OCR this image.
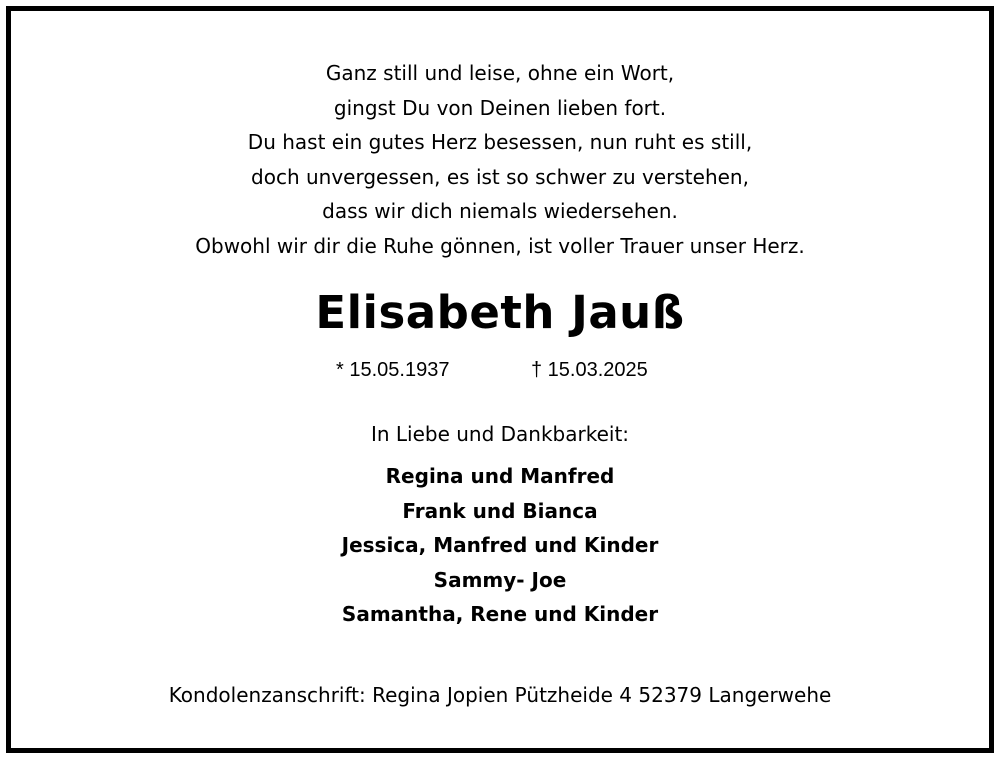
Ganz still und leise, ohne ein Wort,
gingst Du von Deinen lieben fort.
Du hast ein gutes Herz besessen, nun ruht es still,
doch unvergessen, es ist so schwer zu verstehen,
dass wir dich niemals wiedersehen.
Obwohl wir dir die Ruhe gönnen, ist voller Trauer unser Herz.
Elisabeth Jauß
* 15.05.1937	† 15.03.2025
In Liebe und Dankbarkeit:
Regina und Manfred
Frank und Bianca
Jessica, Manfred und Kinder
Sammy- Joe
Samantha, Rene und Kinder
Kondolenzanschrift: Regina Jopien Pützheide 4 52379 Langerwehe
